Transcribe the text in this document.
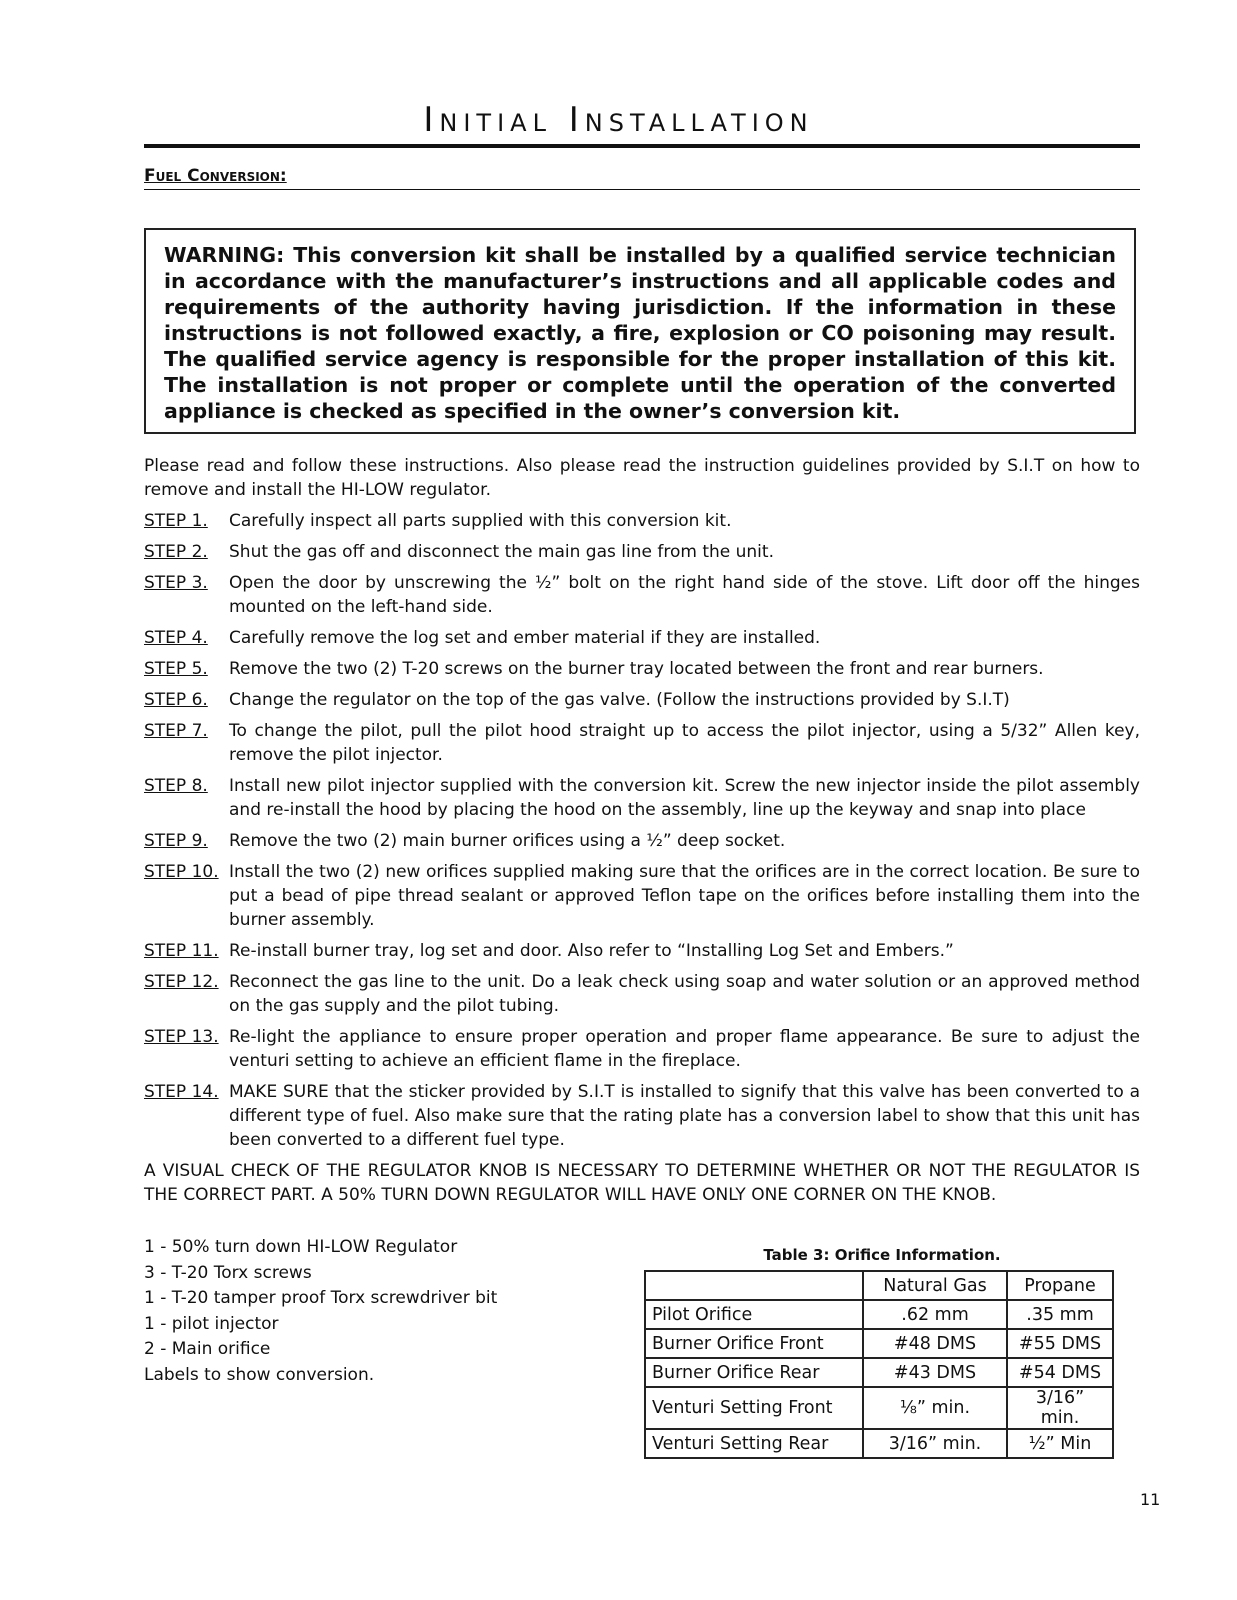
Initial Installation
Fuel Conversion:
WARNING: This conversion kit shall be installed by a qualified service technician in accordance with the manufacturer’s instructions and all applicable codes and requirements of the authority having jurisdiction. If the information in these instructions is not followed exactly, a fire, explosion or CO poisoning may result. The qualified service agency is responsible for the proper installation of this kit. The installation is not proper or complete until the operation of the converted appliance is checked as specified in the owner’s conversion kit.
Please read and follow these instructions. Also please read the instruction guidelines provided by S.I.T on how to remove and install the HI-LOW regulator.
STEP 1.	Carefully inspect all parts supplied with this conversion kit.
STEP 2.	Shut the gas off and disconnect the main gas line from the unit.
STEP 3.	Open the door by unscrewing the ½” bolt on the right hand side of the stove. Lift door off the hinges mounted on the left-hand side.
STEP 4.	Carefully remove the log set and ember material if they are installed.
STEP 5.	Remove the two (2) T-20 screws on the burner tray located between the front and rear burners.
STEP 6.	Change the regulator on the top of the gas valve. (Follow the instructions provided by S.I.T)
STEP 7.	To change the pilot, pull the pilot hood straight up to access the pilot injector, using a 5/32” Allen key, remove the pilot injector.
STEP 8.	Install new pilot injector supplied with the conversion kit. Screw the new injector inside the pilot assembly and re-install the hood by placing the hood on the assembly, line up the keyway and snap into place
STEP 9.	Remove the two (2) main burner orifices using a ½” deep socket.
STEP 10. Install the two (2) new orifices supplied making sure that the orifices are in the correct location. Be sure to put a bead of pipe thread sealant or approved Teflon tape on the orifices before installing them into the burner assembly.
STEP 11. Re-install burner tray, log set and door. Also refer to “Installing Log Set and Embers.”
STEP 12. Reconnect the gas line to the unit. Do a leak check using soap and water solution or an approved method on the gas supply and the pilot tubing.
STEP 13. Re-light the appliance to ensure proper operation and proper flame appearance. Be sure to adjust the venturi setting to achieve an efficient flame in the fireplace.
STEP 14. MAKE SURE that the sticker provided by S.I.T is installed to signify that this valve has been converted to a different type of fuel. Also make sure that the rating plate has a conversion label to show that this unit has been converted to a different fuel type.
A VISUAL CHECK OF THE REGULATOR KNOB IS NECESSARY TO DETERMINE WHETHER OR NOT THE REGULATOR IS THE CORRECT PART. A 50% TURN DOWN REGULATOR WILL HAVE ONLY ONE CORNER ON THE KNOB.
1 - 50% turn down HI-LOW Regulator
3 - T-20 Torx screws
1 - T-20 tamper proof Torx screwdriver bit
1 - pilot injector
2 - Main orifice
Labels to show conversion.
Table 3: Orifice Information.
	Natural Gas	Propane
Pilot Orifice	.62 mm	.35 mm
Burner Orifice Front	#48 DMS	#55 DMS
Burner Orifice Rear	#43 DMS	#54 DMS
Venturi Setting Front	⅛” min.	3/16” min.
Venturi Setting Rear	3/16” min.	½” Min
11
